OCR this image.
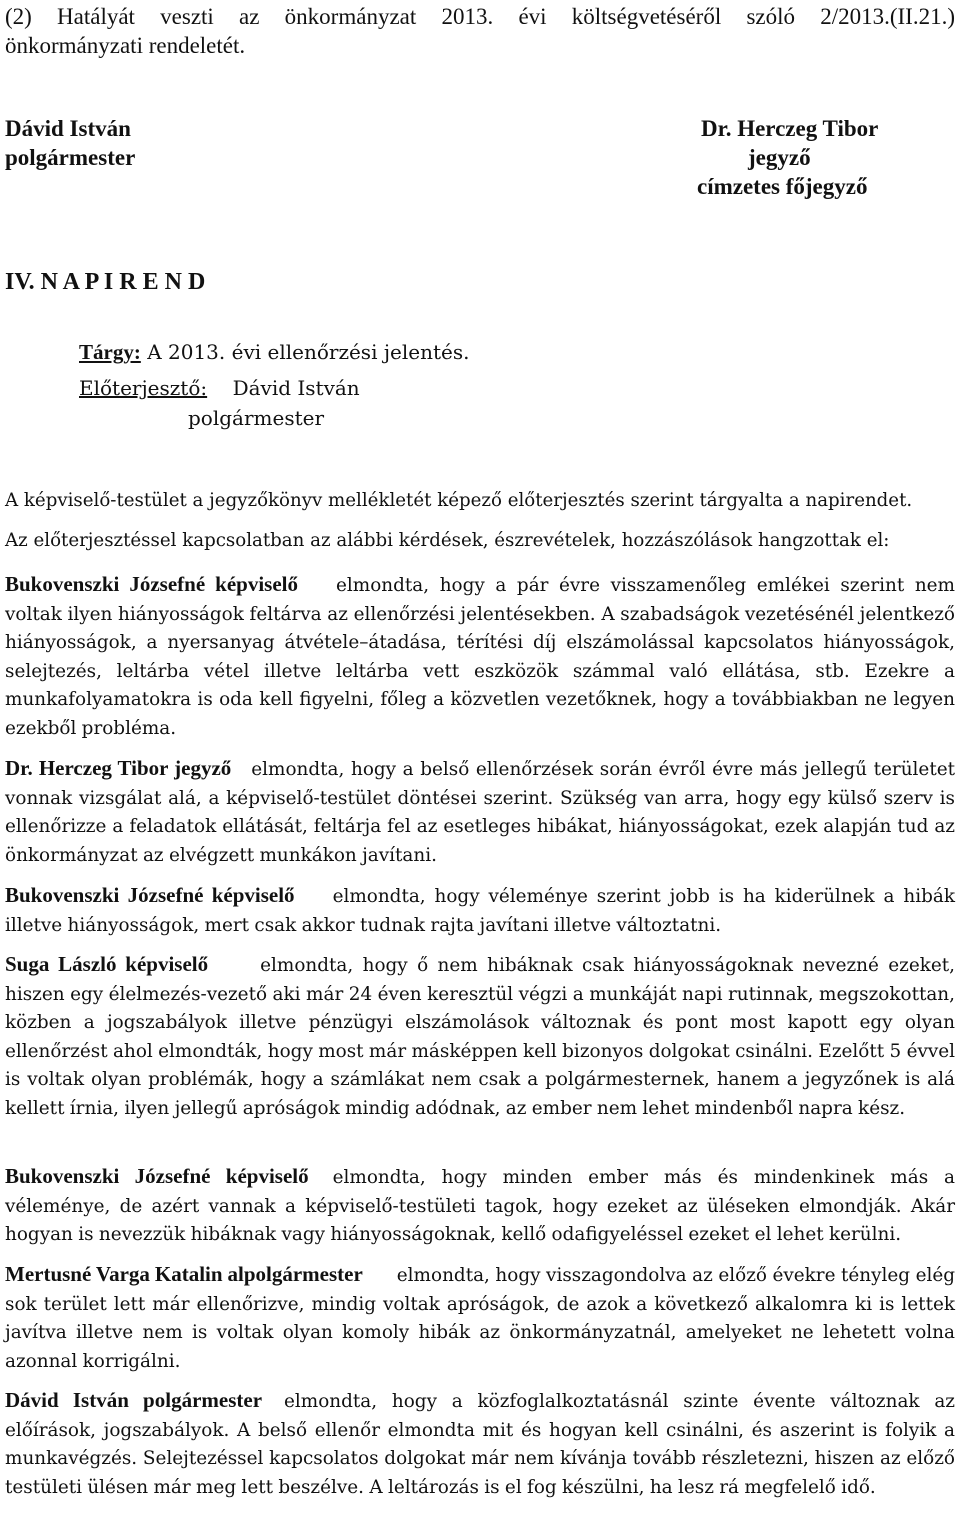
(2) Hatályát veszti az önkormányzat 2013. évi költségvetéséről szóló 2/2013.(II.21.)
önkormányzati rendeletét.
Dávid István
polgármester
Dr. Herczeg Tibor
jegyző
címzetes főjegyző
IV. N A P I R E N D
Tárgy: A 2013. évi ellenőrzési jelentés.
Előterjesztő: Dávid István
polgármester
A képviselő-testület a jegyzőkönyv mellékletét képező előterjesztés szerint tárgyalta a napirendet.
Az előterjesztéssel kapcsolatban az alábbi kérdések, észrevételek, hozzászólások hangzottak el:
Bukovenszki Józsefné képviselő elmondta, hogy a pár évre visszamenőleg emlékei szerint nem voltak ilyen hiányosságok feltárva az ellenőrzési jelentésekben. A szabadságok vezetésénél jelentkező hiányosságok, a nyersanyag átvétele–átadása, térítési díj elszámolással kapcsolatos hiányosságok, selejtezés, leltárba vétel illetve leltárba vett eszközök számmal való ellátása, stb. Ezekre a munkafolyamatokra is oda kell figyelni, főleg a közvetlen vezetőknek, hogy a továbbiakban ne legyen ezekből probléma.
Dr. Herczeg Tibor jegyző elmondta, hogy a belső ellenőrzések során évről évre más jellegű területet vonnak vizsgálat alá, a képviselő-testület döntései szerint. Szükség van arra, hogy egy külső szerv is ellenőrizze a feladatok ellátását, feltárja fel az esetleges hibákat, hiányosságokat, ezek alapján tud az önkormányzat az elvégzett munkákon javítani.
Bukovenszki Józsefné képviselő elmondta, hogy véleménye szerint jobb is ha kiderülnek a hibák illetve hiányosságok, mert csak akkor tudnak rajta javítani illetve változtatni.
Suga László képviselő	elmondta, hogy ő nem hibáknak csak hiányosságoknak nevezné ezeket, hiszen egy élelmezés-vezető aki már 24 éven keresztül végzi a munkáját napi rutinnak, megszokottan, közben a jogszabályok illetve pénzügyi elszámolások változnak és pont most kapott egy olyan ellenőrzést ahol elmondták, hogy most már másképpen kell bizonyos dolgokat csinálni. Ezelőtt 5 évvel is voltak olyan problémák, hogy a számlákat nem csak a polgármesternek, hanem a jegyzőnek is alá kellett írnia, ilyen jellegű apróságok mindig adódnak, az ember nem lehet mindenből napra kész.
Bukovenszki Józsefné képviselő elmondta, hogy minden ember más és mindenkinek más a véleménye, de azért vannak a képviselő-testületi tagok, hogy ezeket az üléseken elmondják. Akár hogyan is nevezzük hibáknak vagy hiányosságoknak, kellő odafigyeléssel ezeket el lehet kerülni.
Mertusné Varga Katalin alpolgármester elmondta, hogy visszagondolva az előző évekre tényleg elég sok terület lett már ellenőrizve, mindig voltak apróságok, de azok a következő alkalomra ki is lettek javítva illetve nem is voltak olyan komoly hibák az önkormányzatnál, amelyeket ne lehetett volna azonnal korrigálni.
Dávid István polgármester elmondta, hogy a közfoglalkoztatásnál szinte évente változnak az előírások, jogszabályok. A belső ellenőr elmondta mit és hogyan kell csinálni, és aszerint is folyik a munkavégzés. Selejtezéssel kapcsolatos dolgokat már nem kívánja tovább részletezni, hiszen az előző testületi ülésen már meg lett beszélve. A leltározás is el fog készülni, ha lesz rá megfelelő idő.
